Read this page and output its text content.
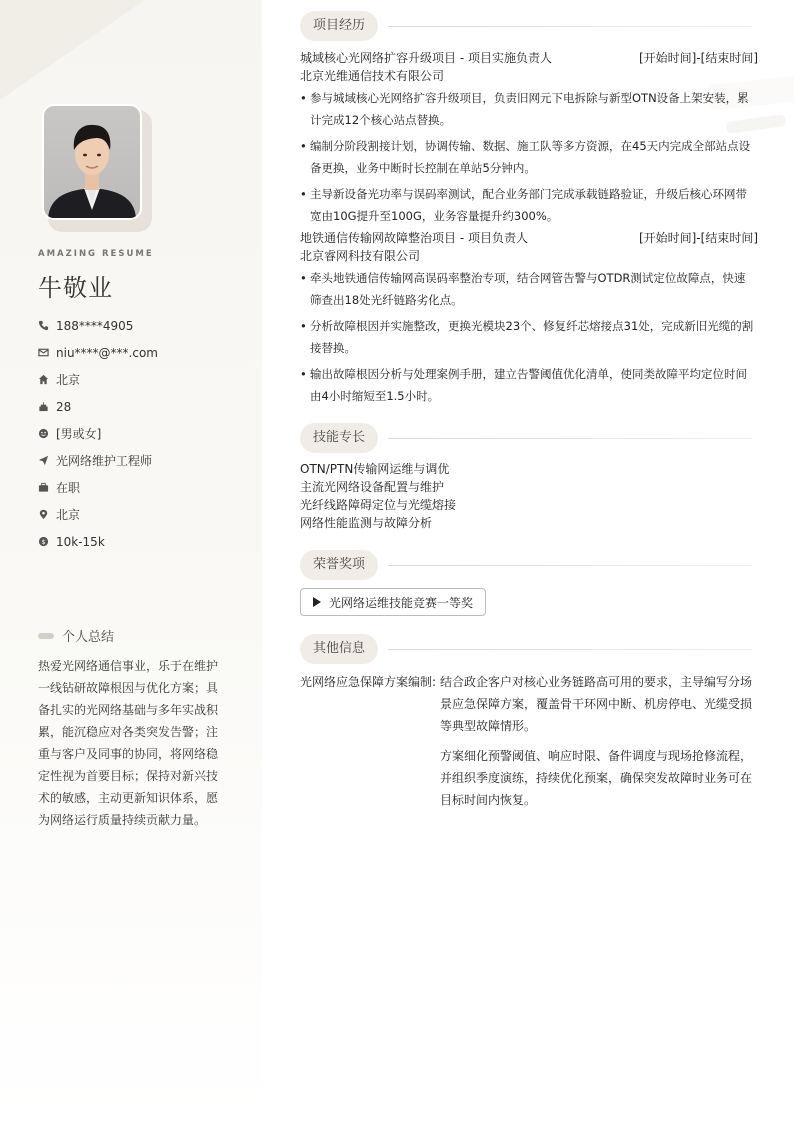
AMAZING RESUME
牛敬业
188****4905
niu****@***.com
北京
28
[男或女]
光网络维护工程师
在职
北京
$ 10k-15k
个人总结

热爱光网络通信事业，乐于在维护一线钻研故障根因与优化方案；具备扎实的光网络基础与多年实战积累，能沉稳应对各类突发告警；注重与客户及同事的协同，将网络稳定性视为首要目标；保持对新兴技术的敏感，主动更新知识体系，愿为网络运行质量持续贡献力量。

项目经历
城域核心光网络扩容升级项目 - 项目实施负责人	[开始时间]-[结束时间]
北京光维通信技术有限公司
• 参与城域核心光网络扩容升级项目，负责旧网元下电拆除与新型OTN设备上架安装，累计完成12个核心站点替换。
• 编制分阶段割接计划，协调传输、数据、施工队等多方资源，在45天内完成全部站点设备更换，业务中断时长控制在单站5分钟内。
• 主导新设备光功率与误码率测试，配合业务部门完成承载链路验证，升级后核心环网带宽由10G提升至100G，业务容量提升约300%。
地铁通信传输网故障整治项目 - 项目负责人	[开始时间]-[结束时间]
北京睿网科技有限公司
• 牵头地铁通信传输网高误码率整治专项，结合网管告警与OTDR测试定位故障点，快速筛查出18处光纤链路劣化点。
• 分析故障根因并实施整改，更换光模块23个、修复纤芯熔接点31处，完成新旧光缆的割接替换。
• 输出故障根因分析与处理案例手册，建立告警阈值优化清单，使同类故障平均定位时间由4小时缩短至1.5小时。
技能专长
OTN/PTN传输网运维与调优
主流光网络设备配置与维护
光纤线路障碍定位与光缆熔接
网络性能监测与故障分析
荣誉奖项
光网络运维技能竞赛一等奖
其他信息
光网络应急保障方案编制: 结合政企客户对核心业务链路高可用的要求，主导编写分场景应急保障方案，覆盖骨干环网中断、机房停电、光缆受损等典型故障情形。

方案细化预警阈值、响应时限、备件调度与现场抢修流程，并组织季度演练，持续优化预案，确保突发故障时业务可在目标时间内恢复。
